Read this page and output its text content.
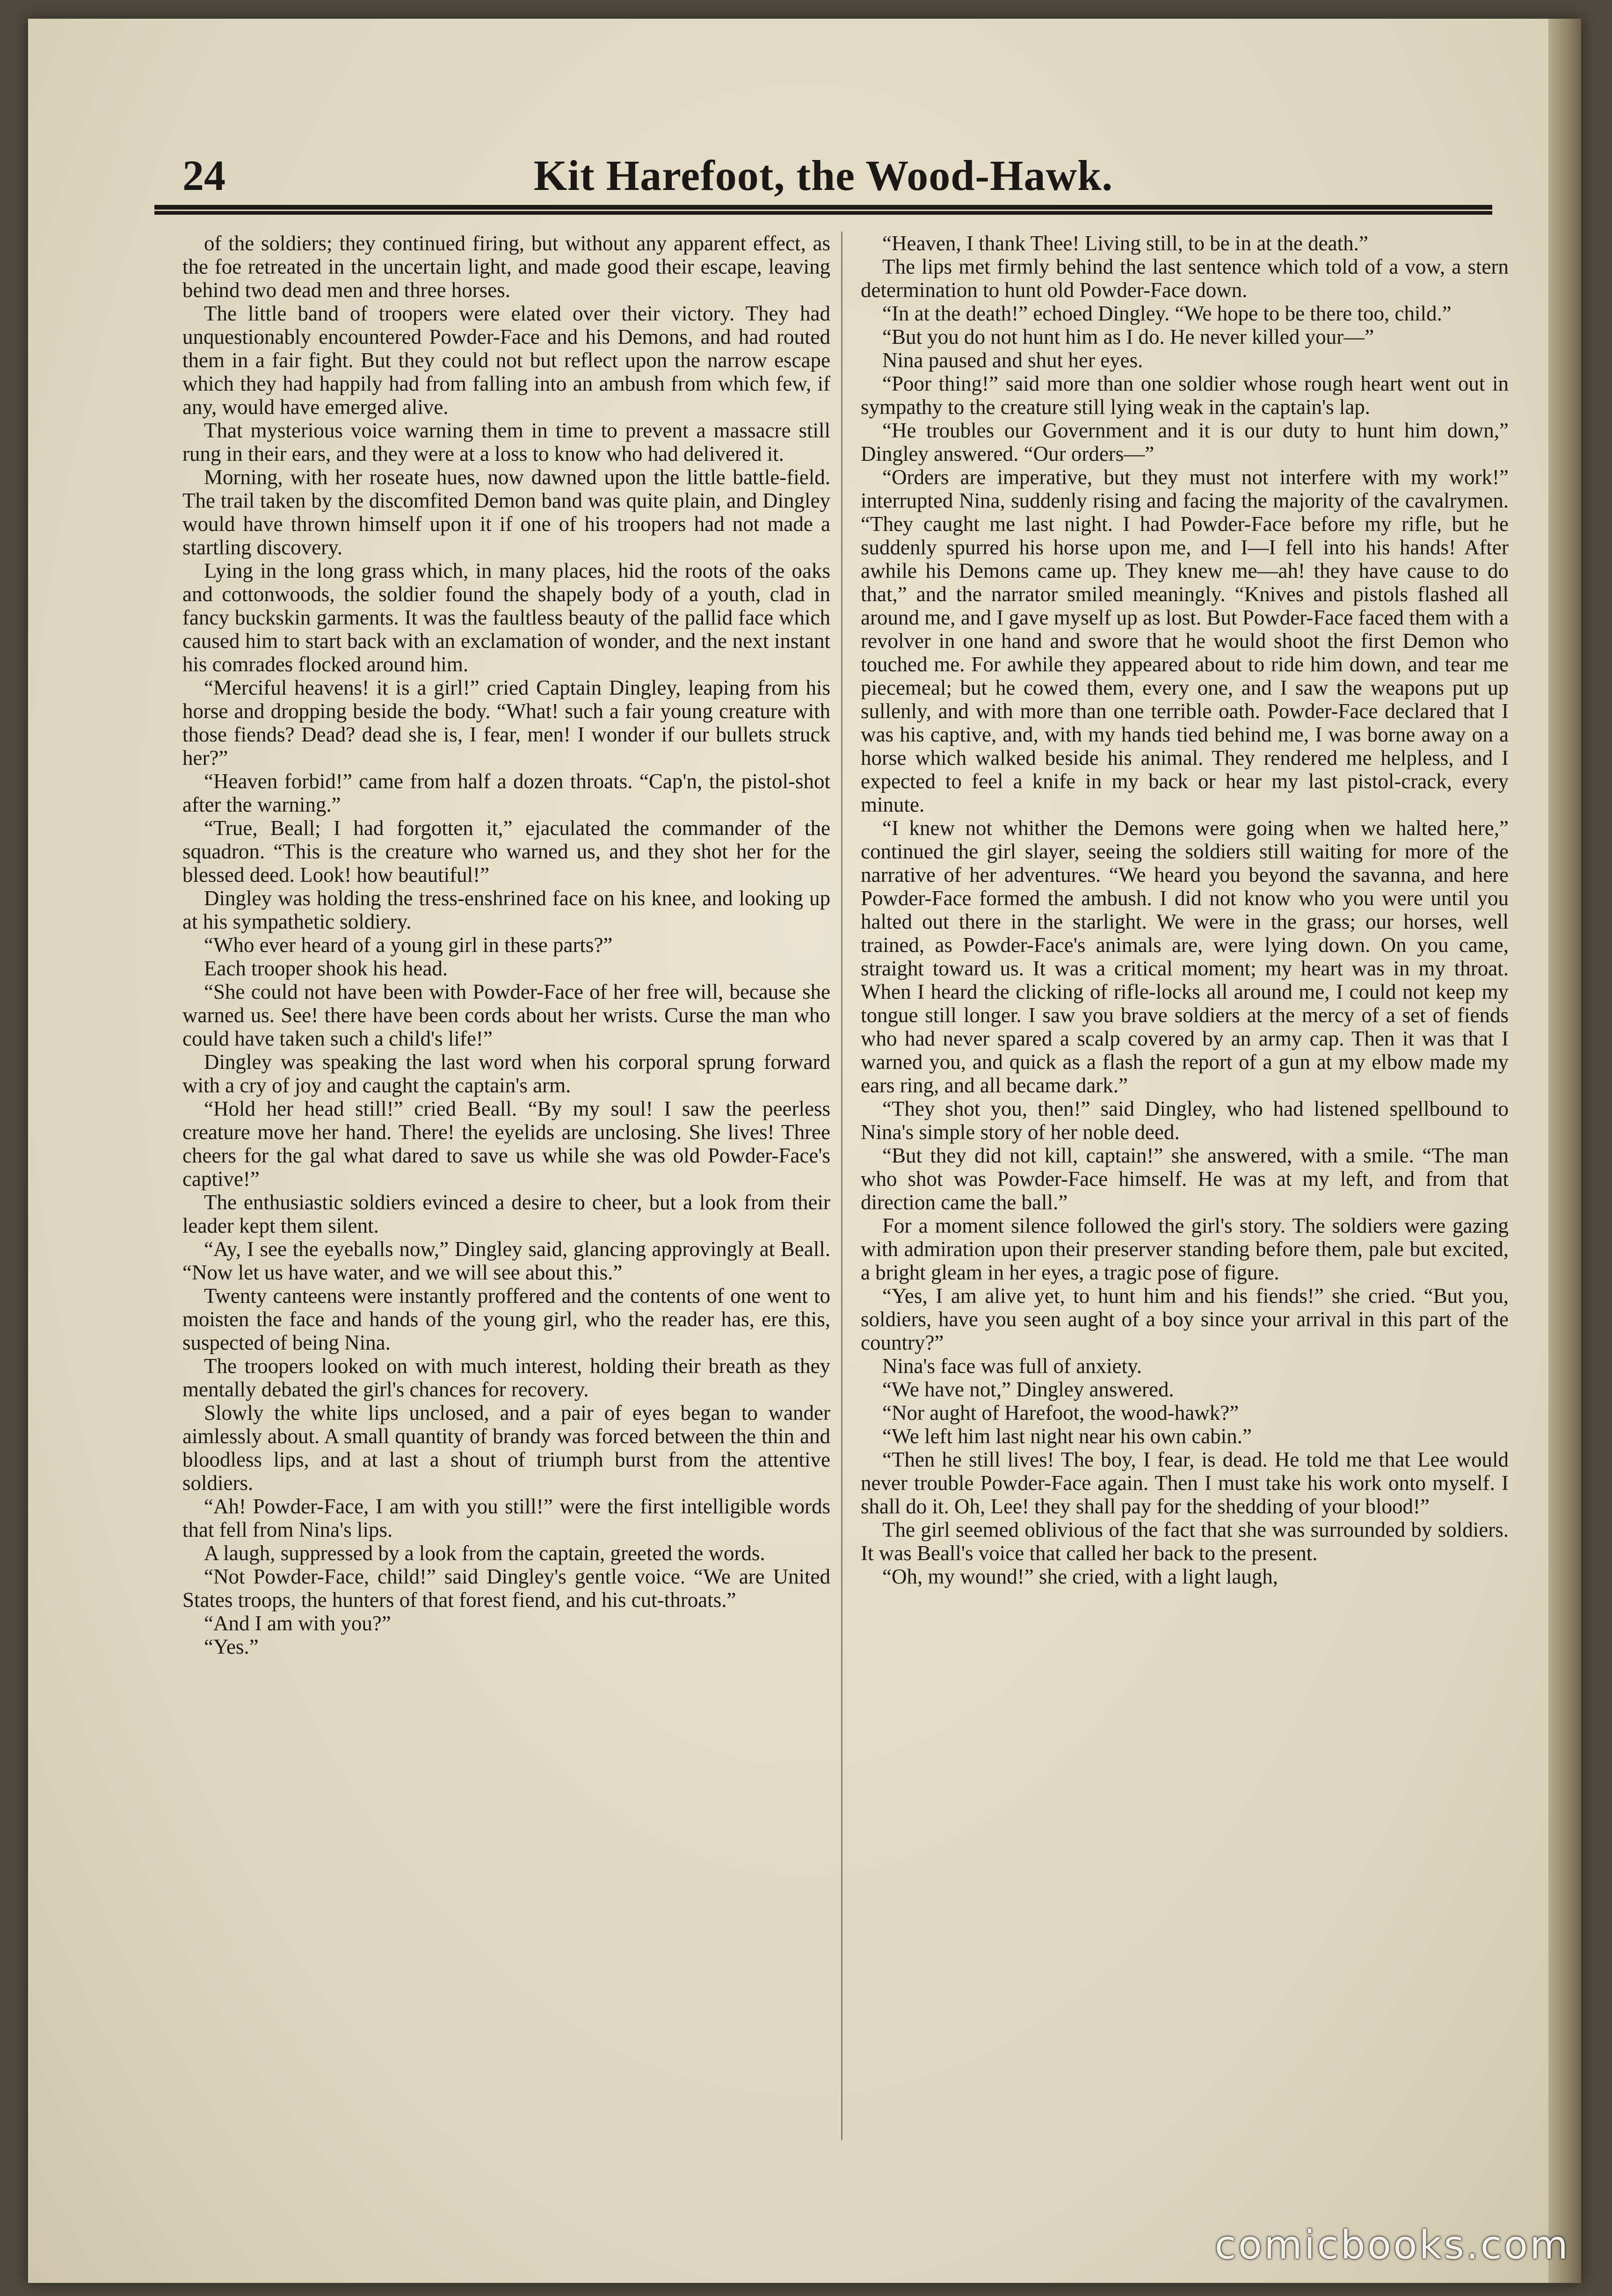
24	Kit Harefoot, the Wood-Hawk.

of the soldiers; they continued firing, but without any apparent effect, as the foe retreated in the uncertain light, and made good their escape, leaving behind two dead men and three horses.

The little band of troopers were elated over their victory. They had unquestionably encountered Powder-Face and his Demons, and had routed them in a fair fight. But they could not but reflect upon the narrow escape which they had happily had from falling into an ambush from which few, if any, would have emerged alive.

That mysterious voice warning them in time to prevent a massacre still rung in their ears, and they were at a loss to know who had delivered it.

Morning, with her roseate hues, now dawned upon the little battle-field. The trail taken by the discomfited Demon band was quite plain, and Dingley would have thrown himself upon it if one of his troopers had not made a startling discovery.

Lying in the long grass which, in many places, hid the roots of the oaks and cottonwoods, the soldier found the shapely body of a youth, clad in fancy buckskin garments. It was the faultless beauty of the pallid face which caused him to start back with an exclamation of wonder, and the next instant his comrades flocked around him.

“Merciful heavens! it is a girl!” cried Captain Dingley, leaping from his horse and dropping beside the body. “What! such a fair young creature with those fiends? Dead? dead she is, I fear, men! I wonder if our bullets struck her?”

“Heaven forbid!” came from half a dozen throats. “Cap'n, the pistol-shot after the warning.”

“True, Beall; I had forgotten it,” ejaculated the commander of the squadron. “This is the creature who warned us, and they shot her for the blessed deed. Look! how beautiful!”

Dingley was holding the tress-enshrined face on his knee, and looking up at his sympathetic soldiery.

“Who ever heard of a young girl in these parts?”

Each trooper shook his head.

“She could not have been with Powder-Face of her free will, because she warned us. See! there have been cords about her wrists. Curse the man who could have taken such a child's life!”

Dingley was speaking the last word when his corporal sprung forward with a cry of joy and caught the captain's arm.

“Hold her head still!” cried Beall. “By my soul! I saw the peerless creature move her hand. There! the eyelids are unclosing. She lives! Three cheers for the gal what dared to save us while she was old Powder-Face's captive!”

The enthusiastic soldiers evinced a desire to cheer, but a look from their leader kept them silent.

“Ay, I see the eyeballs now,” Dingley said, glancing approvingly at Beall. “Now let us have water, and we will see about this.”

Twenty canteens were instantly proffered and the contents of one went to moisten the face and hands of the young girl, who the reader has, ere this, suspected of being Nina.

The troopers looked on with much interest, holding their breath as they mentally debated the girl's chances for recovery.

Slowly the white lips unclosed, and a pair of eyes began to wander aimlessly about. A small quantity of brandy was forced between the thin and bloodless lips, and at last a shout of triumph burst from the attentive soldiers.

“Ah! Powder-Face, I am with you still!” were the first intelligible words that fell from Nina's lips.

A laugh, suppressed by a look from the captain, greeted the words.

“Not Powder-Face, child!” said Dingley's gentle voice. “We are United States troops, the hunters of that forest fiend, and his cut-throats.”

“And I am with you?”

“Yes.”

“Heaven, I thank Thee! Living still, to be in at the death.”

The lips met firmly behind the last sentence which told of a vow, a stern determination to hunt old Powder-Face down.

“In at the death!” echoed Dingley. “We hope to be there too, child.”

“But you do not hunt him as I do. He never killed your—”

Nina paused and shut her eyes.

“Poor thing!” said more than one soldier whose rough heart went out in sympathy to the creature still lying weak in the captain's lap.

“He troubles our Government and it is our duty to hunt him down,” Dingley answered. “Our orders—”

“Orders are imperative, but they must not interfere with my work!” interrupted Nina, suddenly rising and facing the majority of the cavalrymen. “They caught me last night. I had Powder-Face before my rifle, but he suddenly spurred his horse upon me, and I—I fell into his hands! After awhile his Demons came up. They knew me—ah! they have cause to do that,” and the narrator smiled meaningly. “Knives and pistols flashed all around me, and I gave myself up as lost. But Powder-Face faced them with a revolver in one hand and swore that he would shoot the first Demon who touched me. For awhile they appeared about to ride him down, and tear me piecemeal; but he cowed them, every one, and I saw the weapons put up sullenly, and with more than one terrible oath. Powder-Face declared that I was his captive, and, with my hands tied behind me, I was borne away on a horse which walked beside his animal. They rendered me helpless, and I expected to feel a knife in my back or hear my last pistol-crack, every minute.

“I knew not whither the Demons were going when we halted here,” continued the girl slayer, seeing the soldiers still waiting for more of the narrative of her adventures. “We heard you beyond the savanna, and here Powder-Face formed the ambush. I did not know who you were until you halted out there in the starlight. We were in the grass; our horses, well trained, as Powder-Face's animals are, were lying down. On you came, straight toward us. It was a critical moment; my heart was in my throat. When I heard the clicking of rifle-locks all around me, I could not keep my tongue still longer. I saw you brave soldiers at the mercy of a set of fiends who had never spared a scalp covered by an army cap. Then it was that I warned you, and quick as a flash the report of a gun at my elbow made my ears ring, and all became dark.”

“They shot you, then!” said Dingley, who had listened spellbound to Nina's simple story of her noble deed.

“But they did not kill, captain!” she answered, with a smile. “The man who shot was Powder-Face himself. He was at my left, and from that direction came the ball.”

For a moment silence followed the girl's story. The soldiers were gazing with admiration upon their preserver standing before them, pale but excited, a bright gleam in her eyes, a tragic pose of figure.

“Yes, I am alive yet, to hunt him and his fiends!” she cried. “But you, soldiers, have you seen aught of a boy since your arrival in this part of the country?”

Nina's face was full of anxiety.

“We have not,” Dingley answered.

“Nor aught of Harefoot, the wood-hawk?”

“We left him last night near his own cabin.”

“Then he still lives! The boy, I fear, is dead. He told me that Lee would never trouble Powder-Face again. Then I must take his work onto myself. I shall do it. Oh, Lee! they shall pay for the shedding of your blood!”

The girl seemed oblivious of the fact that she was surrounded by soldiers. It was Beall's voice that called her back to the present.

“Oh, my wound!” she cried, with a light laugh,

comicbooks.com
